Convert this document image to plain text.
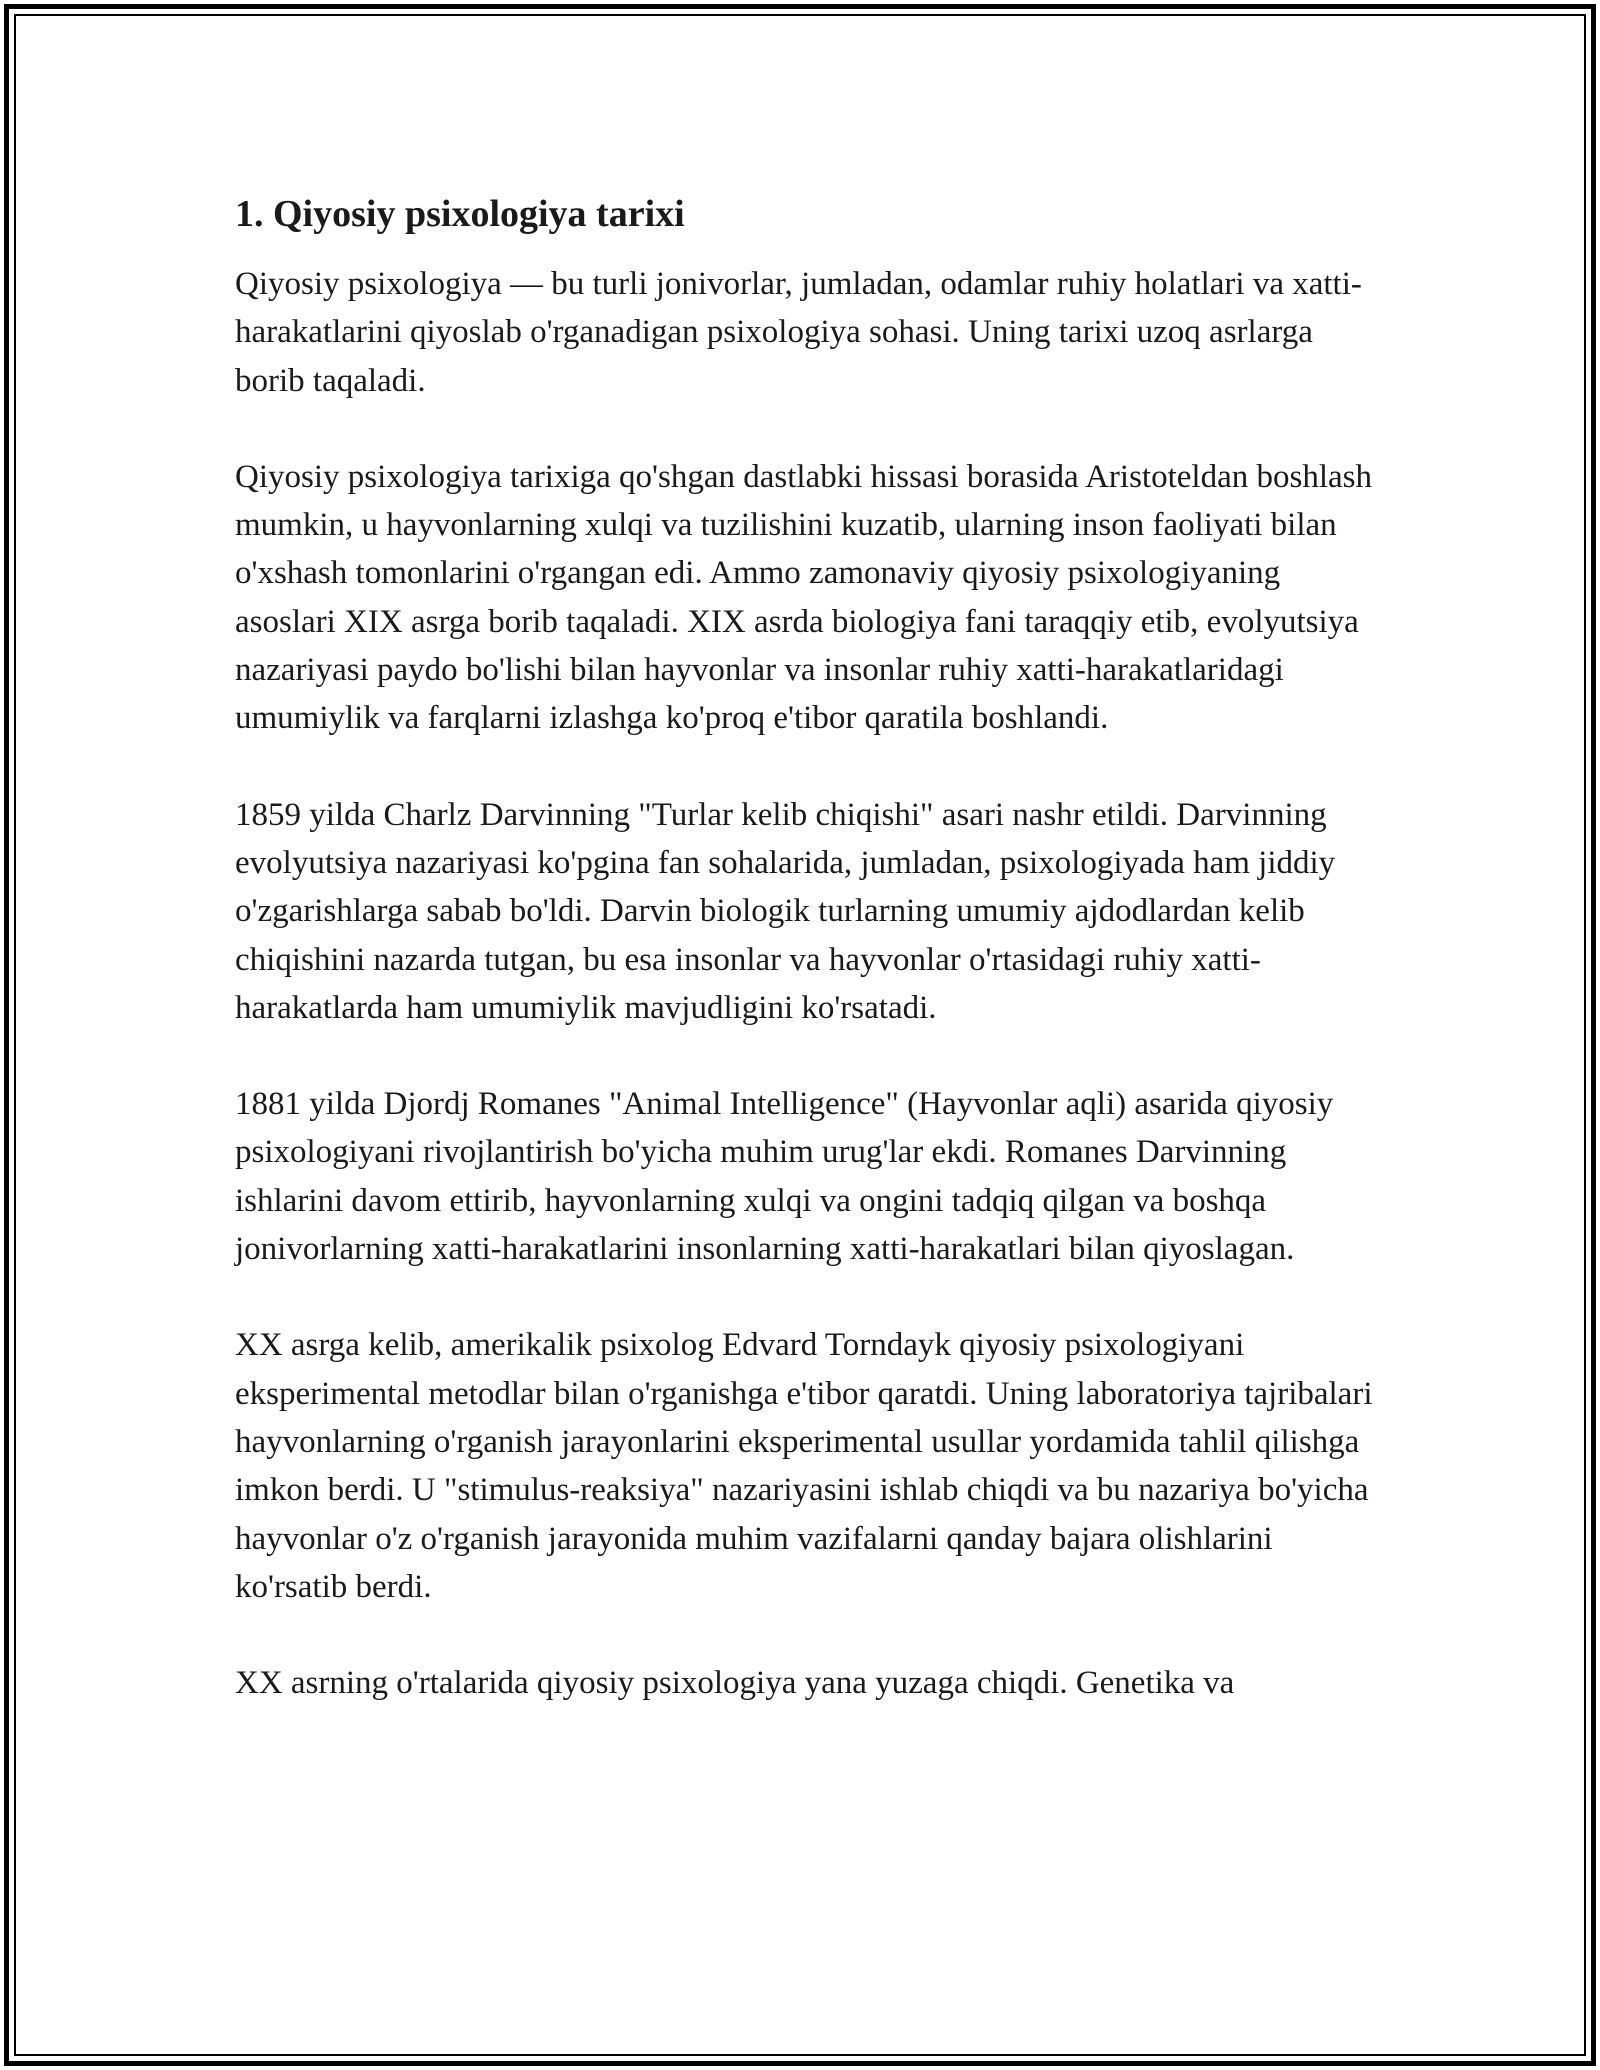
1. Qiyosiy psixologiya tarixi

Qiyosiy psixologiya — bu turli jonivorlar, jumladan, odamlar ruhiy holatlari va xatti-harakatlarini qiyoslab o'rganadigan psixologiya sohasi. Uning tarixi uzoq asrlarga borib taqaladi.

Qiyosiy psixologiya tarixiga qo'shgan dastlabki hissasi borasida Aristoteldan boshlash mumkin, u hayvonlarning xulqi va tuzilishini kuzatib, ularning inson faoliyati bilan o'xshash tomonlarini o'rgangan edi. Ammo zamonaviy qiyosiy psixologiyaning asoslari XIX asrga borib taqaladi. XIX asrda biologiya fani taraqqiy etib, evolyutsiya nazariyasi paydo bo'lishi bilan hayvonlar va insonlar ruhiy xatti-harakatlaridagi umumiylik va farqlarni izlashga ko'proq e'tibor qaratila boshlandi.

1859 yilda Charlz Darvinning "Turlar kelib chiqishi" asari nashr etildi. Darvinning evolyutsiya nazariyasi ko'pgina fan sohalarida, jumladan, psixologiyada ham jiddiy o'zgarishlarga sabab bo'ldi. Darvin biologik turlarning umumiy ajdodlardan kelib chiqishini nazarda tutgan, bu esa insonlar va hayvonlar o'rtasidagi ruhiy xatti-harakatlarda ham umumiylik mavjudligini ko'rsatadi.

1881 yilda Djordj Romanes "Animal Intelligence" (Hayvonlar aqli) asarida qiyosiy psixologiyani rivojlantirish bo'yicha muhim urug'lar ekdi. Romanes Darvinning ishlarini davom ettirib, hayvonlarning xulqi va ongini tadqiq qilgan va boshqa jonivorlarning xatti-harakatlarini insonlarning xatti-harakatlari bilan qiyoslagan.

XX asrga kelib, amerikalik psixolog Edvard Torndayk qiyosiy psixologiyani eksperimental metodlar bilan o'rganishga e'tibor qaratdi. Uning laboratoriya tajribalari hayvonlarning o'rganish jarayonlarini eksperimental usullar yordamida tahlil qilishga imkon berdi. U "stimulus-reaksiya" nazariyasini ishlab chiqdi va bu nazariya bo'yicha hayvonlar o'z o'rganish jarayonida muhim vazifalarni qanday bajara olishlarini ko'rsatib berdi.

XX asrning o'rtalarida qiyosiy psixologiya yana yuzaga chiqdi. Genetika va
